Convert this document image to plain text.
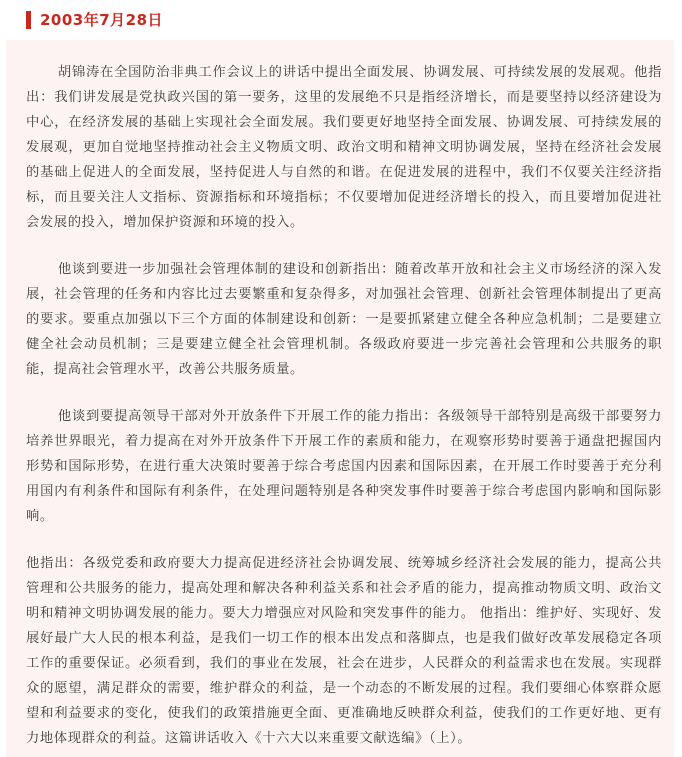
2003年7月28日

胡锦涛在全国防治非典工作会议上的讲话中提出全面发展、协调发展、可持续发展的发展观。他指出：我们讲发展是党执政兴国的第一要务，这里的发展绝不只是指经济增长，而是要坚持以经济建设为中心，在经济发展的基础上实现社会全面发展。我们要更好地坚持全面发展、协调发展、可持续发展的发展观，更加自觉地坚持推动社会主义物质文明、政治文明和精神文明协调发展，坚持在经济社会发展的基础上促进人的全面发展，坚持促进人与自然的和谐。在促进发展的进程中，我们不仅要关注经济指标，而且要关注人文指标、资源指标和环境指标；不仅要增加促进经济增长的投入，而且要增加促进社会发展的投入，增加保护资源和环境的投入。

他谈到要进一步加强社会管理体制的建设和创新指出：随着改革开放和社会主义市场经济的深入发展，社会管理的任务和内容比过去要繁重和复杂得多，对加强社会管理、创新社会管理体制提出了更高的要求。要重点加强以下三个方面的体制建设和创新：一是要抓紧建立健全各种应急机制；二是要建立健全社会动员机制；三是要建立健全社会管理机制。各级政府要进一步完善社会管理和公共服务的职能，提高社会管理水平，改善公共服务质量。

他谈到要提高领导干部对外开放条件下开展工作的能力指出：各级领导干部特别是高级干部要努力培养世界眼光，着力提高在对外开放条件下开展工作的素质和能力，在观察形势时要善于通盘把握国内形势和国际形势，在进行重大决策时要善于综合考虑国内因素和国际因素，在开展工作时要善于充分利用国内有利条件和国际有利条件，在处理问题特别是各种突发事件时要善于综合考虑国内影响和国际影响。

他指出：各级党委和政府要大力提高促进经济社会协调发展、统筹城乡经济社会发展的能力，提高公共管理和公共服务的能力，提高处理和解决各种利益关系和社会矛盾的能力，提高推动物质文明、政治文明和精神文明协调发展的能力。要大力增强应对风险和突发事件的能力。 他指出：维护好、实现好、发展好最广大人民的根本利益，是我们一切工作的根本出发点和落脚点，也是我们做好改革发展稳定各项工作的重要保证。必须看到，我们的事业在发展，社会在进步，人民群众的利益需求也在发展。实现群众的愿望，满足群众的需要，维护群众的利益，是一个动态的不断发展的过程。我们要细心体察群众愿望和利益要求的变化，使我们的政策措施更全面、更准确地反映群众利益，使我们的工作更好地、更有力地体现群众的利益。这篇讲话收入《十六大以来重要文献选编》（上）。
